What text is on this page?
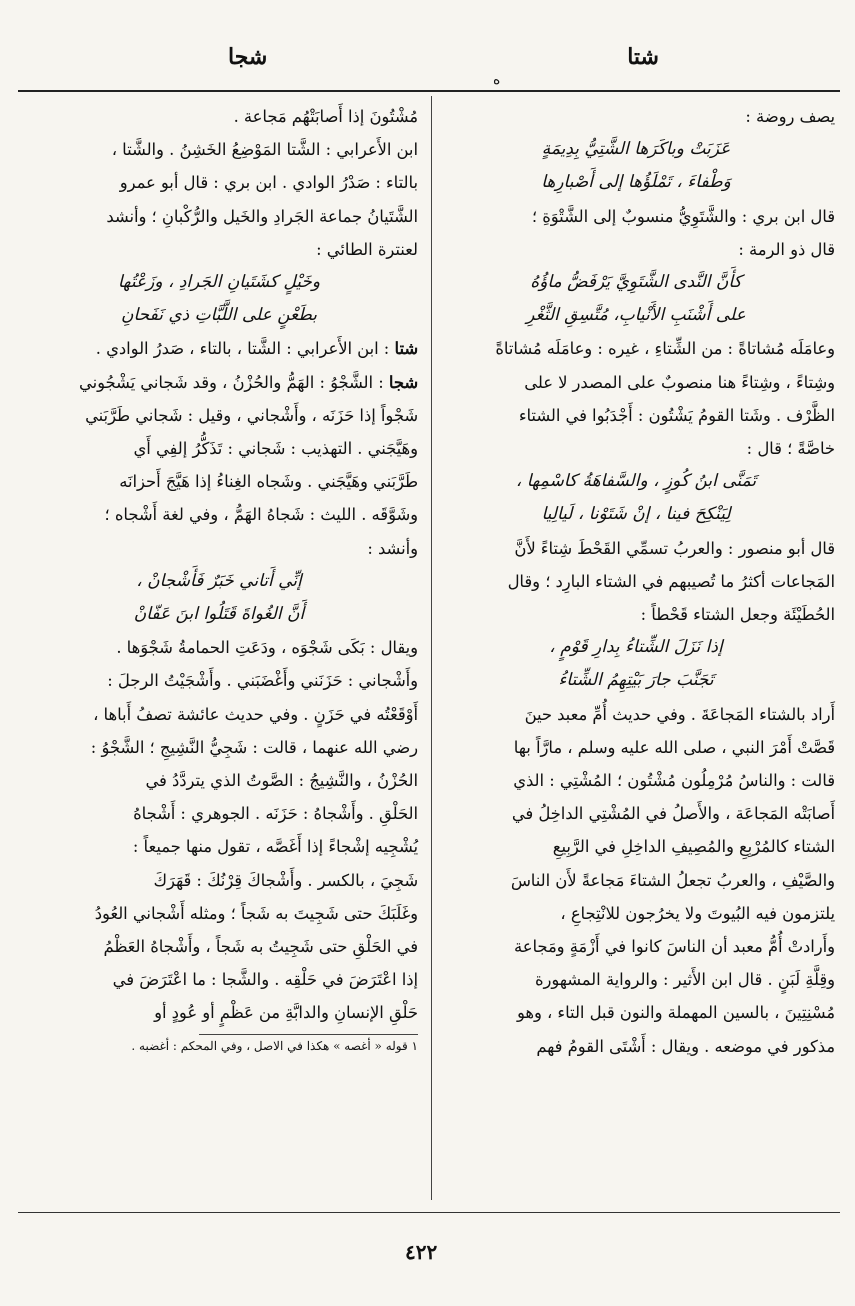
شتا
ه
شجا

يصف روضة :

عَزَبَتْ وباكَرَها الشَّتِيُّ بِدِيمَةٍ

وَطْفاءَ ، تَمْلَؤُها إلى أَصْبارِها

قال ابن بري : والشَّتَوِيُّ منسوبٌ إلى الشَّتْوَةِ ؛

قال ذو الرمة :

كأَنَّ النَّدى الشَّتَوِيَّ يَرْفَضُّ ماؤُهُ

على أَشْنَبِ الأَنْيابِ، مُتَّسِقِ الثَّغْرِ

وعامَلَه مُشاتاةً : من الشِّتاءِ ، غيره : وعامَلَه مُشاتاةً

وشِتاءً ، وشِتاءً هنا منصوبٌ على المصدر لا على

الظَّرْف . وشَتا القومُ يَشْتُون : أَجْدَبُوا في الشتاء

خاصَّةً ؛ قال :

تَمَنَّى ابنُ كُوزٍ ، والسَّفاهَةُ كاسْمِها ،

لِيَنْكِحَ فينا ، إنْ شَتَوْنا ، لَيالِيا

قال أبو منصور : والعربُ تسمِّي القَحْطَ شِتاءً لأَنَّ

المَجاعات أكثرُ ما تُصيبهم في الشتاء البارِد ؛ وقال

الحُطَيْئَة وجعل الشتاء قَحْطاً :

إذا نَزَلَ الشِّتاءُ بِدارِ قَوْمٍ ،

تَجَنَّبَ جارَ بَيْتِهِمُ الشِّتاءُ

أَراد بالشتاء المَجاعَةَ . وفي حديث أُمِّ معبد حينَ

قَصَّتْ أَمْرَ النبي ، صلى الله عليه وسلم ، مارَّاً بها

قالت : والناسُ مُرْمِلُون مُشْتُون ؛ المُشْتِي : الذي

أَصابَتْه المَجاعَة ، والأَصلُ في المُشْتِي الداخِلُ في

الشتاء كالمُرْبِعِ والمُصِيفِ الداخِلِ في الرَّبِيعِ

والصَّيْفِ ، والعربُ تجعلُ الشتاءَ مَجاعةً لأَن الناسَ

يلتزمون فيه البُيوتَ ولا يخرُجون للانْتِجاعِ ،

وأَرادتْ أُمُّ معبد أن الناسَ كانوا في أَزْمَةٍ ومَجاعة

وقِلَّةِ لَبَنٍ . قال ابن الأَثير : والرواية المشهورة

مُسْنِتِينَ ، بالسين المهملة والنون قبل التاء ، وهو

مذكور في موضعه . ويقال : أَشْتَى القومُ فهم

مُشْتُونَ إذا أَصابَتْهُم مَجاعة .

ابن الأَعرابي : الشَّتا المَوْضِعُ الخَشِنُ . والشَّتا ،

بالتاء : صَدْرُ الوادي . ابن بري : قال أبو عمرو

الشَّتَيانُ جماعة الجَرادِ والخَيل والرُّكْبانِ ؛ وأنشد

لعنترة الطائي :

وخَيْلٍ كشَتَيانِ الجَرادِ ، وزَعْتُها

بطَعْنٍ على اللَّبَّاتِ ذي نَفَحانِ

شتا : ابن الأَعرابي : الشَّتا ، بالتاء ، صَدرُ الوادي .

شجا : الشَّجْوُ : الهَمُّ والحُزْنُ ، وقد شَجاني يَشْجُوني

شَجْواً إذا حَزَنَه ، وأَشْجاني ، وقيل : شَجاني طَرَّبَني

وهَيَّجَني . التهذيب : شَجاني : تَذَكُّرُ إلفِي أَي

طَرَّبَني وهَيَّجَني . وشَجاه الغِناءُ إذا هَيَّجَ أَحزانَه

وشَوَّقَه . الليث : شَجاهُ الهَمُّ ، وفي لغة أَشْجاه ؛

وأنشد :

إنِّي أَتاني خَبَرٌ فَأَشْجانْ ،

أَنَّ الغُواةَ قَتَلُوا ابنَ عَفّانْ

ويقال : بَكَى شَجْوَه ، ودَعَتِ الحمامةُ شَجْوَها .

وأَشْجاني : حَزَنَني وأَغْضَبَني . وأَشْجَيْتُ الرجلَ :

أَوْقَعْتُه في حَزَنٍ . وفي حديث عائشة تصفُ أَباها ،

رضي الله عنهما ، قالت : شَجِيُّ النَّشِيجِ ؛ الشَّجْوُ :

الحُزْنُ ، والنَّشِيجُ : الصَّوتُ الذي يتردَّدُ في

الحَلْقِ . وأَشْجاهُ : حَزَنَه . الجوهري : أَشْجاهُ

يُشْجِيه إشْجاءً إذا أَغَصَّه ، تقول منها جميعاً :

شَجِيَ ، بالكسر . وأَشْجاكَ قِرْنُكَ : قَهَرَكَ

وغَلَبَكَ حتى شَجِيتَ به شَجاً ؛ ومثله أَشْجاني العُودُ

في الحَلْقِ حتى شَجِيتُ به شَجاً ، وأَشْجاهُ العَظْمُ

إذا اعْتَرَضَ في حَلْقِه . والشَّجا : ما اعْتَرَضَ في

حَلْقِ الإنسانِ والدابَّةِ من عَظْمٍ أو عُودٍ أو

١ قوله « أغصه » هكذا في الاصل ، وفي المحكم : أغضبه .

٤٢٢
